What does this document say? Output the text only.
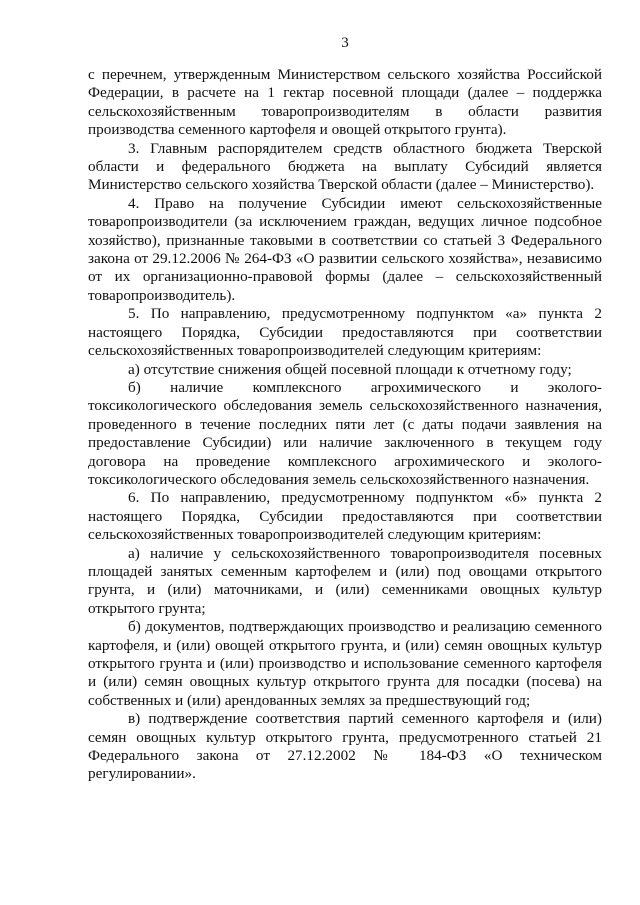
3

с перечнем, утвержденным Министерством сельского хозяйства Российской Федерации, в расчете на 1 гектар посевной площади (далее – поддержка сельскохозяйственным товаропроизводителям в области развития производства семенного картофеля и овощей открытого грунта).

3. Главным распорядителем средств областного бюджета Тверской области и федерального бюджета на выплату Субсидий является Министерство сельского хозяйства Тверской области (далее – Министерство).

4. Право на получение Субсидии имеют сельскохозяйственные товаропроизводители (за исключением граждан, ведущих личное подсобное хозяйство), признанные таковыми в соответствии со статьей 3 Федерального закона от 29.12.2006 № 264-ФЗ «О развитии сельского хозяйства», независимо от их организационно-правовой формы (далее – сельскохозяйственный товаропроизводитель).

5. По направлению, предусмотренному подпунктом «а» пункта 2 настоящего Порядка, Субсидии предоставляются при соответствии сельскохозяйственных товаропроизводителей следующим критериям:

а) отсутствие снижения общей посевной площади к отчетному году;

б) наличие комплексного агрохимического и эколого-токсикологического обследования земель сельскохозяйственного назначения, проведенного в течение последних пяти лет (с даты подачи заявления на предоставление Субсидии) или наличие заключенного в текущем году договора на проведение комплексного агрохимического и эколого-токсикологического обследования земель сельскохозяйственного назначения.

6. По направлению, предусмотренному подпунктом «б» пункта 2 настоящего Порядка, Субсидии предоставляются при соответствии сельскохозяйственных товаропроизводителей следующим критериям:

а) наличие у сельскохозяйственного товаропроизводителя посевных площадей занятых семенным картофелем и (или) под овощами открытого грунта, и (или) маточниками, и (или) семенниками овощных культур открытого грунта;

б) документов, подтверждающих производство и реализацию семенного картофеля, и (или) овощей открытого грунта, и (или) семян овощных культур открытого грунта и (или) производство и использование семенного картофеля и (или) семян овощных культур открытого грунта для посадки (посева) на собственных и (или) арендованных землях за предшествующий год;

в) подтверждение соответствия партий семенного картофеля и (или) семян овощных культур открытого грунта, предусмотренного статьей 21 Федерального закона от 27.12.2002 № 184-ФЗ «О техническом регулировании».
